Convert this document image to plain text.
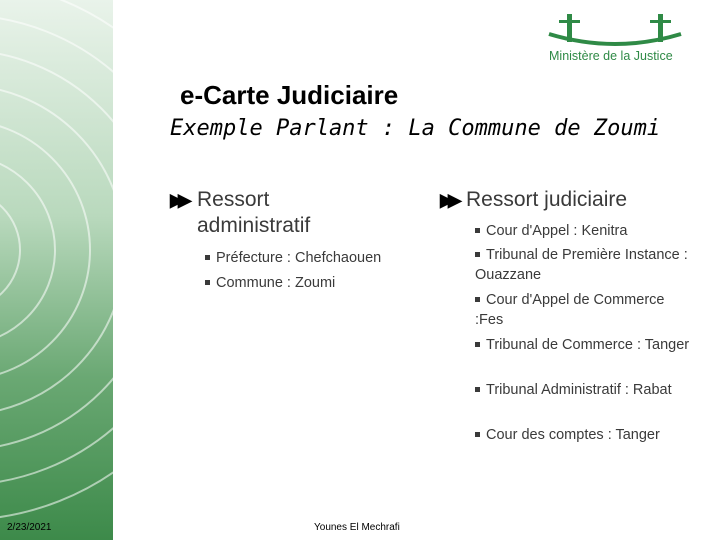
Ministère de la Justice
e-Carte Judiciaire
Exemple Parlant : La Commune de Zoumi
▶▶ Ressort administratif
Préfecture : Chefchaouen
Commune : Zoumi
▶▶ Ressort judiciaire
Cour d'Appel : Kenitra
Tribunal de Première Instance : Ouazzane
Cour d'Appel de Commerce :Fes
Tribunal de Commerce : Tanger
Tribunal Administratif : Rabat
Cour des comptes : Tanger
2/23/2021	Younes El Mechrafi
